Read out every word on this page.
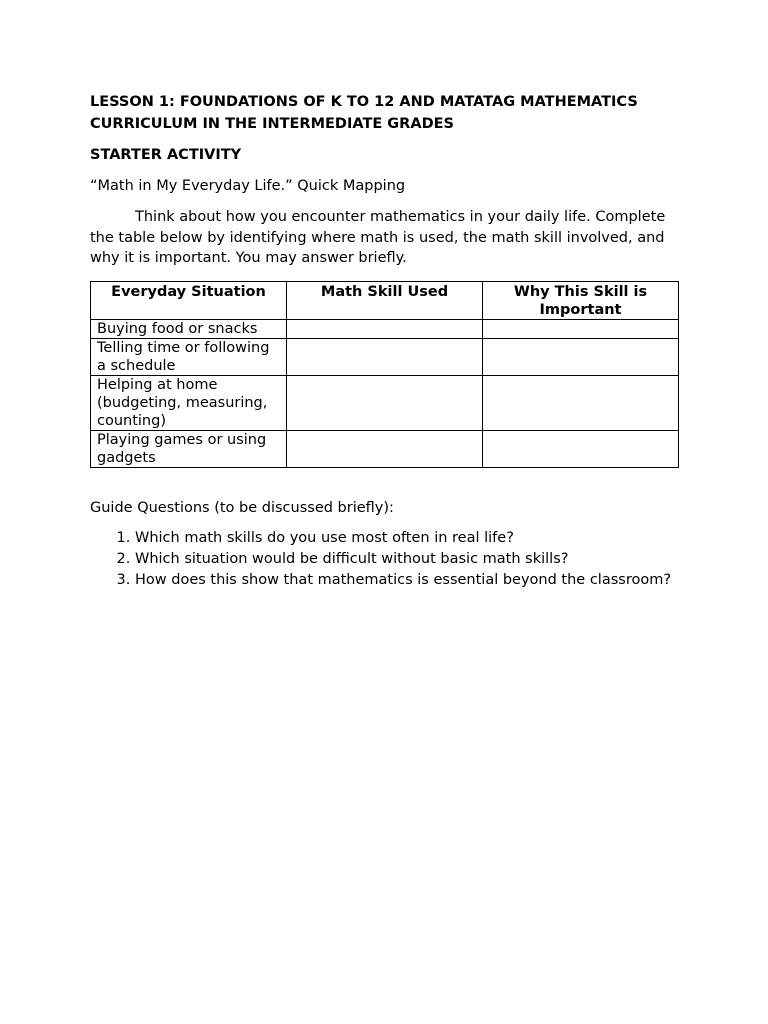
LESSON 1: FOUNDATIONS OF K TO 12 AND MATATAG MATHEMATICS CURRICULUM IN THE INTERMEDIATE GRADES
STARTER ACTIVITY
“Math in My Everyday Life.” Quick Mapping
Think about how you encounter mathematics in your daily life. Complete the table below by identifying where math is used, the math skill involved, and why it is important. You may answer briefly.
Everyday Situation	Math Skill Used	Why This Skill is Important
Buying food or snacks		
Telling time or following a schedule		
Helping at home (budgeting, measuring, counting)		
Playing games or using gadgets		
Guide Questions (to be discussed briefly):
1. Which math skills do you use most often in real life?
2. Which situation would be difficult without basic math skills?
3. How does this show that mathematics is essential beyond the classroom?
